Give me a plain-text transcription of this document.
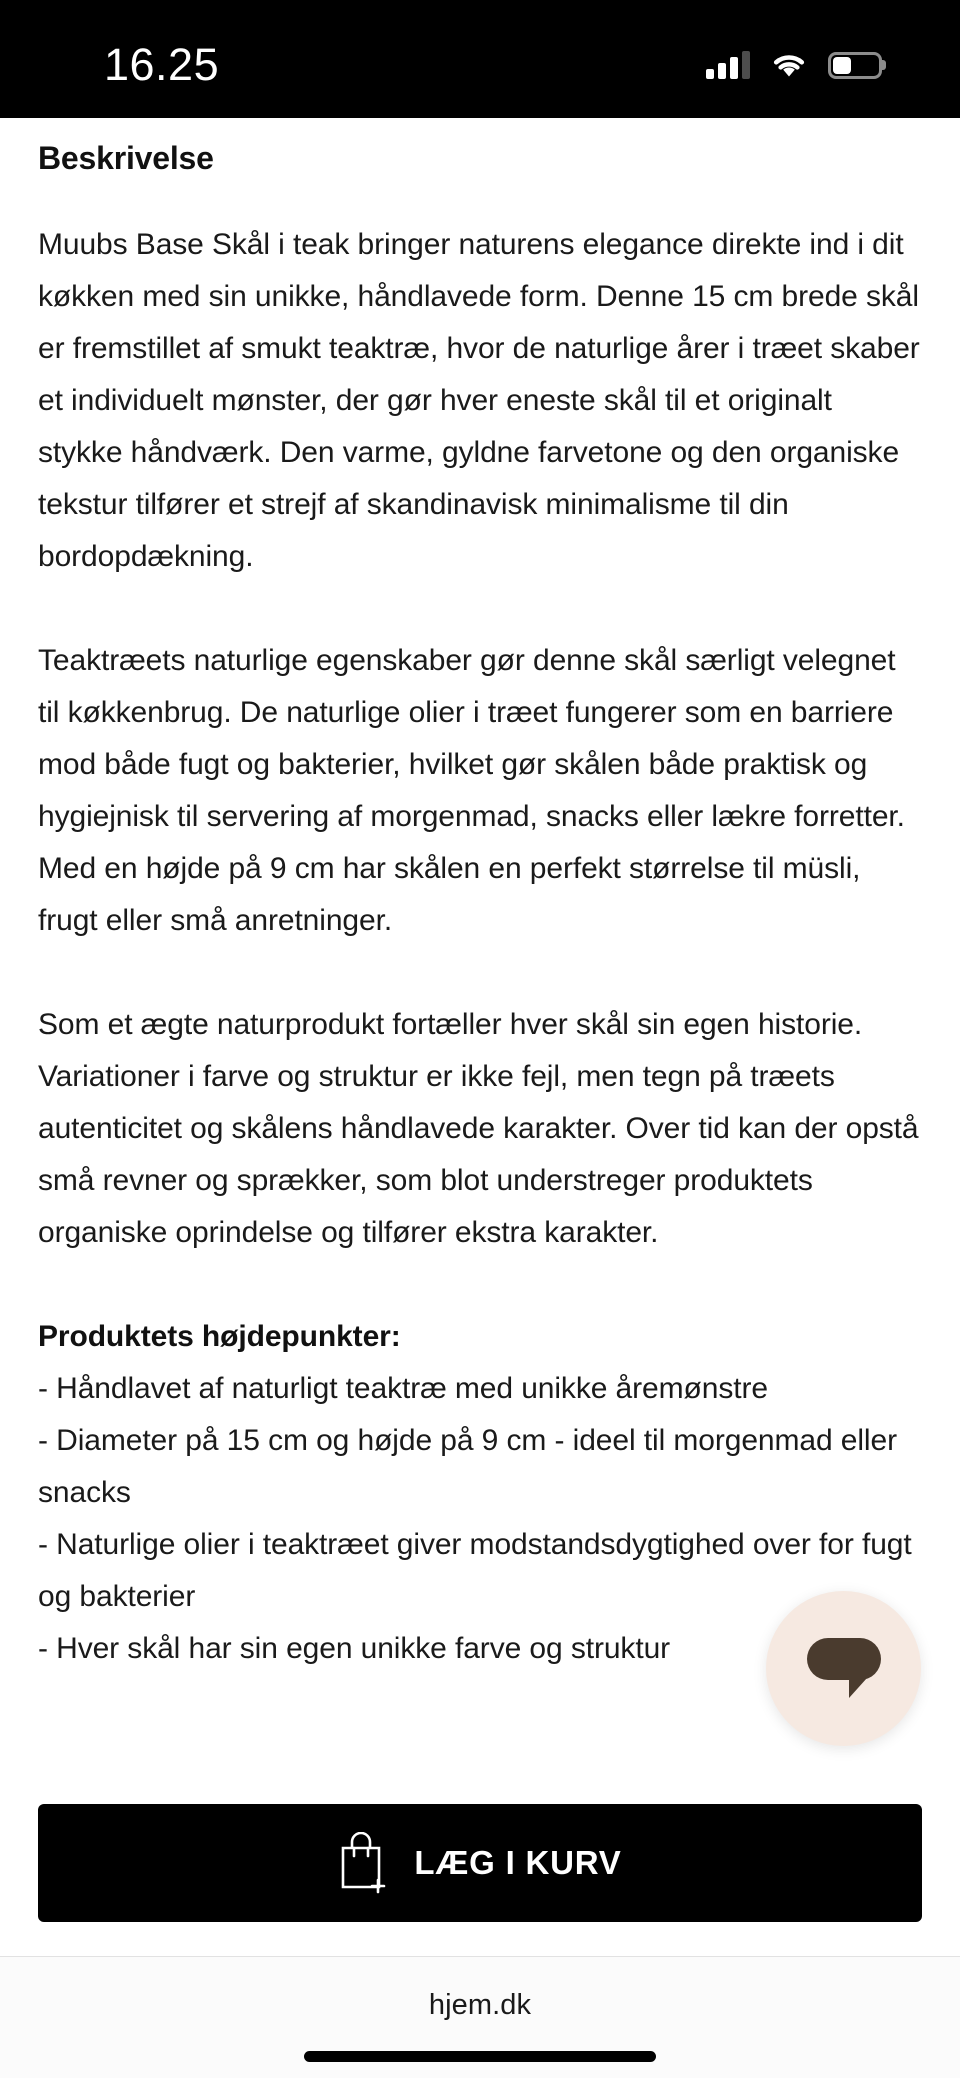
16.25
Beskrivelse

Muubs Base Skål i teak bringer naturens elegance direkte ind i dit køkken med sin unikke, håndlavede form. Denne 15 cm brede skål er fremstillet af smukt teaktræ, hvor de naturlige årer i træet skaber et individuelt mønster, der gør hver eneste skål til et originalt stykke håndværk. Den varme, gyldne farvetone og den organiske tekstur tilfører et strejf af skandinavisk minimalisme til din bordopdækning.

Teaktræets naturlige egenskaber gør denne skål særligt velegnet til køkkenbrug. De naturlige olier i træet fungerer som en barriere mod både fugt og bakterier, hvilket gør skålen både praktisk og hygiejnisk til servering af morgenmad, snacks eller lækre forretter. Med en højde på 9 cm har skålen en perfekt størrelse til müsli, frugt eller små anretninger.

Som et ægte naturprodukt fortæller hver skål sin egen historie. Variationer i farve og struktur er ikke fejl, men tegn på træets autenticitet og skålens håndlavede karakter. Over tid kan der opstå små revner og sprækker, som blot understreger produktets organiske oprindelse og tilfører ekstra karakter.

Produktets højdepunkter:
- Håndlavet af naturligt teaktræ med unikke åremønstre
- Diameter på 15 cm og højde på 9 cm - ideel til morgenmad eller snacks
- Naturlige olier i teaktræet giver modstandsdygtighed over for fugt og bakterier
- Hver skål har sin egen unikke farve og struktur
LÆG I KURV
hjem.dk
